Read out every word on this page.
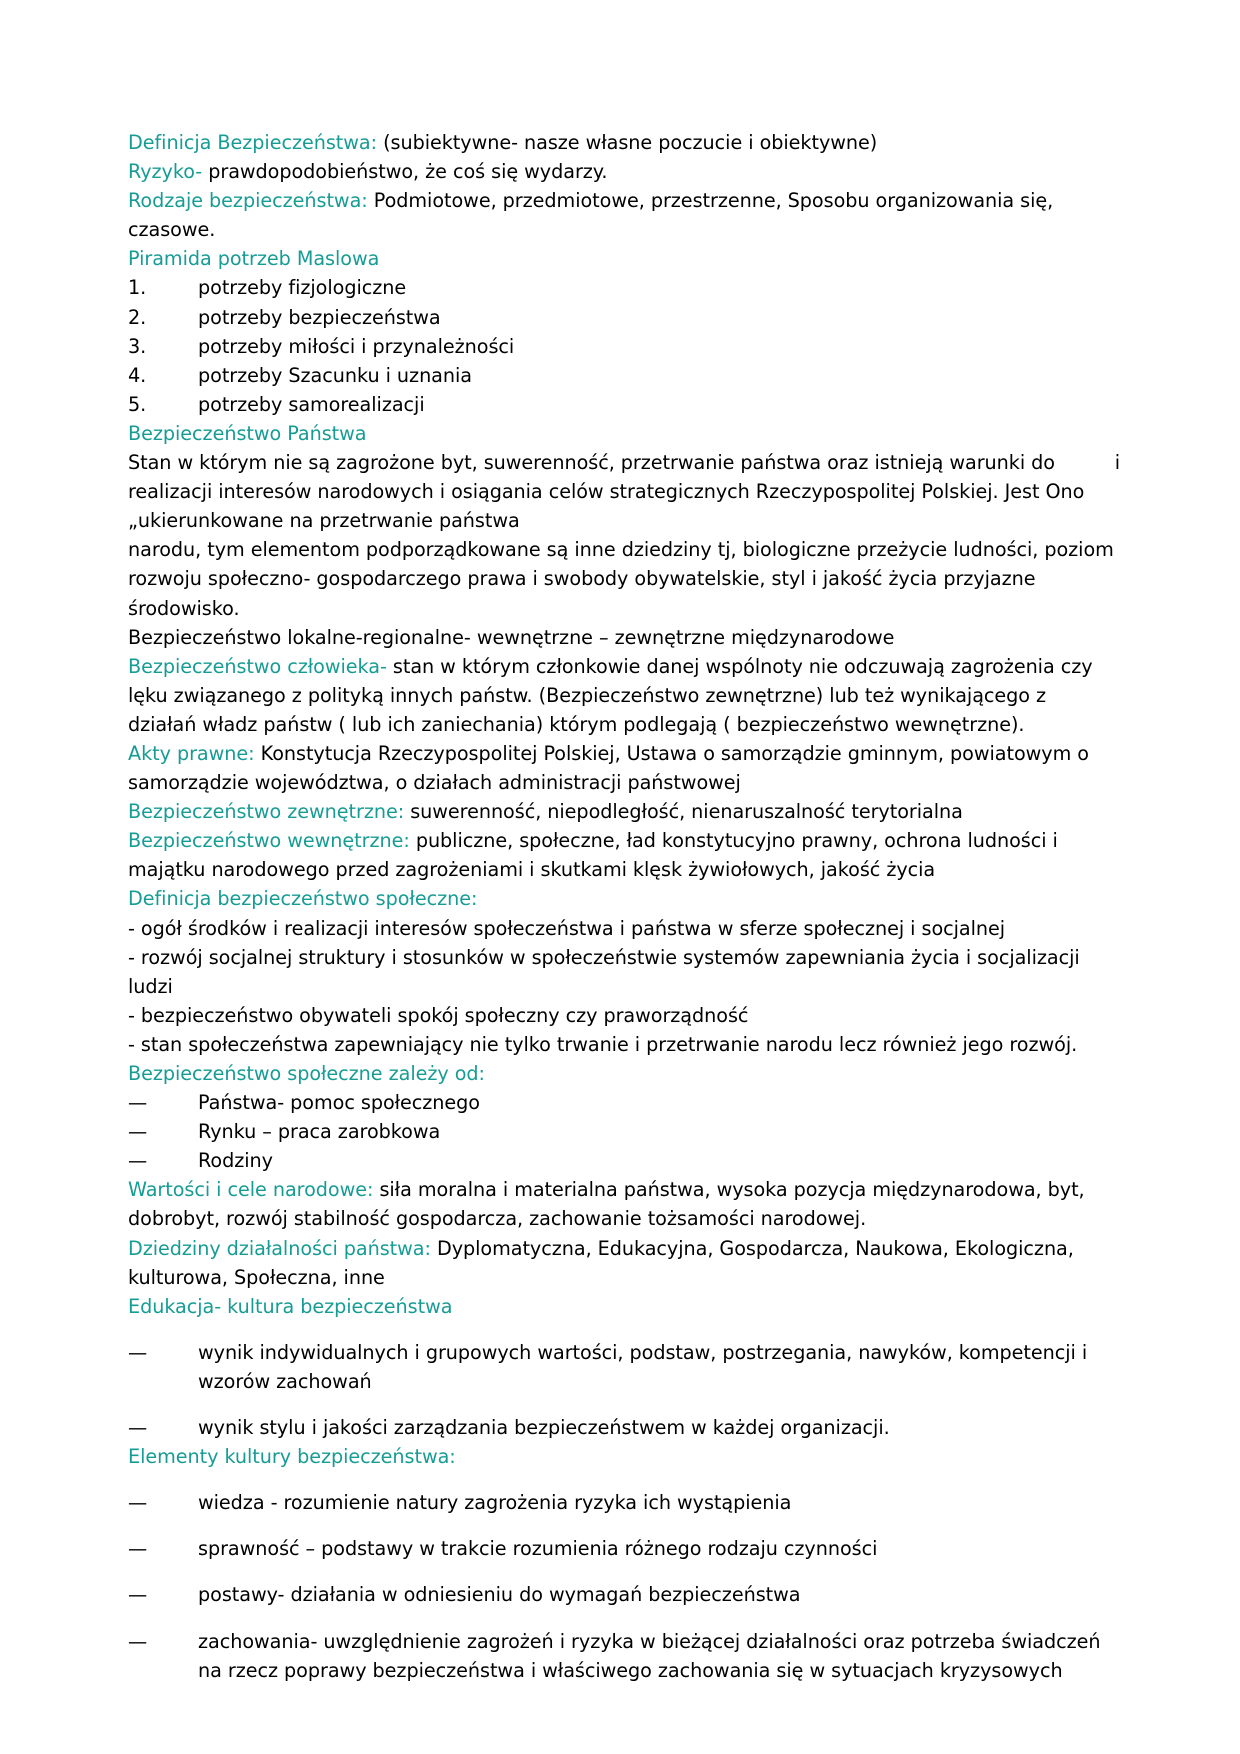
Definicja Bezpieczeństwa: (subiektywne- nasze własne poczucie i obiektywne)
Ryzyko- prawdopodobieństwo, że coś się wydarzy.
Rodzaje bezpieczeństwa: Podmiotowe, przedmiotowe, przestrzenne, Sposobu organizowania się, czasowe.
Piramida potrzeb Maslowa
1.	potrzeby fizjologiczne
2.	potrzeby bezpieczeństwa
3.	potrzeby miłości i przynależności
4.	potrzeby Szacunku i uznania
5.	potrzeby samorealizacji
Bezpieczeństwo Państwa
i
Stan w którym nie są zagrożone byt, suwerenność, przetrwanie państwa oraz istnieją warunki do realizacji interesów narodowych i osiągania celów strategicznych Rzeczypospolitej Polskiej. Jest Ono „ukierunkowane na przetrwanie państwa
narodu, tym elementom podporządkowane są inne dziedziny tj, biologiczne przeżycie ludności, poziom rozwoju społeczno- gospodarczego prawa i swobody obywatelskie, styl i jakość życia przyjazne środowisko.
Bezpieczeństwo lokalne-regionalne- wewnętrzne – zewnętrzne międzynarodowe
Bezpieczeństwo człowieka- stan w którym członkowie danej wspólnoty nie odczuwają zagrożenia czy lęku związanego z polityką innych państw. (Bezpieczeństwo zewnętrzne) lub też wynikającego z działań władz państw ( lub ich zaniechania) którym podlegają ( bezpieczeństwo wewnętrzne).
Akty prawne: Konstytucja Rzeczypospolitej Polskiej, Ustawa o samorządzie gminnym, powiatowym o samorządzie województwa, o działach administracji państwowej
Bezpieczeństwo zewnętrzne: suwerenność, niepodległość, nienaruszalność terytorialna
Bezpieczeństwo wewnętrzne: publiczne, społeczne, ład konstytucyjno prawny, ochrona ludności i majątku narodowego przed zagrożeniami i skutkami klęsk żywiołowych, jakość życia
Definicja bezpieczeństwo społeczne:
- ogół środków i realizacji interesów społeczeństwa i państwa w sferze społecznej i socjalnej
- rozwój socjalnej struktury i stosunków w społeczeństwie systemów zapewniania życia i socjalizacji ludzi
- bezpieczeństwo obywateli spokój społeczny czy praworządność
- stan społeczeństwa zapewniający nie tylko trwanie i przetrwanie narodu lecz również jego rozwój.
Bezpieczeństwo społeczne zależy od:
—	Państwa- pomoc społecznego
—	Rynku – praca zarobkowa
—	Rodziny
Wartości i cele narodowe: siła moralna i materialna państwa, wysoka pozycja międzynarodowa, byt, dobrobyt, rozwój stabilność gospodarcza, zachowanie tożsamości narodowej.
Dziedziny działalności państwa: Dyplomatyczna, Edukacyjna, Gospodarcza, Naukowa, Ekologiczna, kulturowa, Społeczna, inne
Edukacja- kultura bezpieczeństwa
—	wynik indywidualnych i grupowych wartości, podstaw, postrzegania, nawyków, kompetencji i wzorów zachowań
—	wynik stylu i jakości zarządzania bezpieczeństwem w każdej organizacji.
Elementy kultury bezpieczeństwa:
—	wiedza - rozumienie natury zagrożenia ryzyka ich wystąpienia
—	sprawność – podstawy w trakcie rozumienia różnego rodzaju czynności
—	postawy- działania w odniesieniu do wymagań bezpieczeństwa
—	zachowania- uwzględnienie zagrożeń i ryzyka w bieżącej działalności oraz potrzeba świadczeń na rzecz poprawy bezpieczeństwa i właściwego zachowania się w sytuacjach kryzysowych
